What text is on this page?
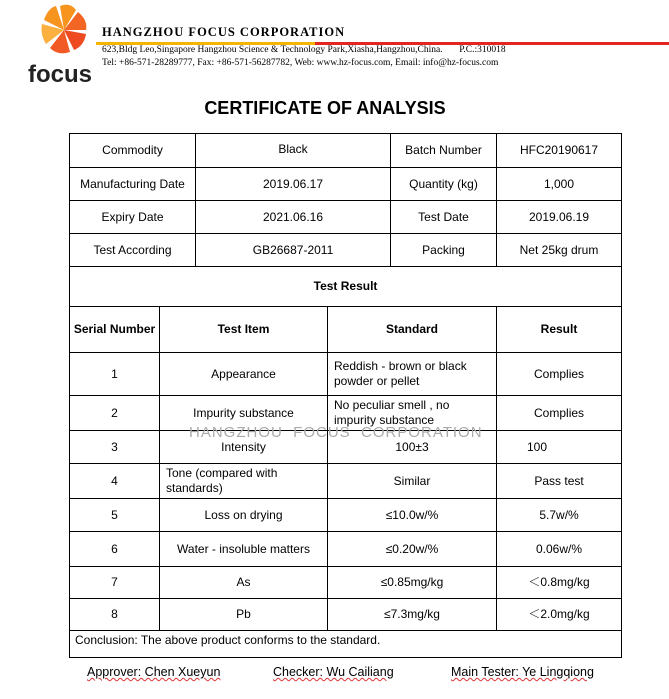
focus
HANGZHOU FOCUS CORPORATION
623,Bldg Leo,Singapore Hangzhou Science & Technology Park,Xiasha,Hangzhou,China. P.C.:310018
Tel: +86-571-28289777, Fax: +86-571-56287782, Web: www.hz-focus.com, Email: info@hz-focus.com
CERTIFICATE OF ANALYSIS
Commodity	Black	Batch Number	HFC20190617
Manufacturing Date	2019.06.17	Quantity (kg)	1,000
Expiry Date	2021.06.16	Test Date	2019.06.19
Test According	GB26687-2011	Packing	Net 25kg drum
Test Result			
Serial Number	Test Item	Standard	Result
1	Appearance	Reddish - brown or black powder or pellet	Complies
2	Impurity substance	No peculiar smell , no impurity substance	Complies
3	Intensity	100±3	100
4	Tone (compared with standards)	Similar	Pass test
5	Loss on drying	≤10.0w/%	5.7w/%
6	Water - insoluble matters	≤0.20w/%	0.06w/%
7	As	≤0.85mg/kg	＜0.8mg/kg
8	Pb	≤7.3mg/kg	＜2.0mg/kg
Conclusion: The above product conforms to the standard.			
HANGZHOU  FOCUS  CORPORATION
Approver: Chen Xueyun	Checker: Wu Cailiang	Main Tester: Ye Lingqiong
